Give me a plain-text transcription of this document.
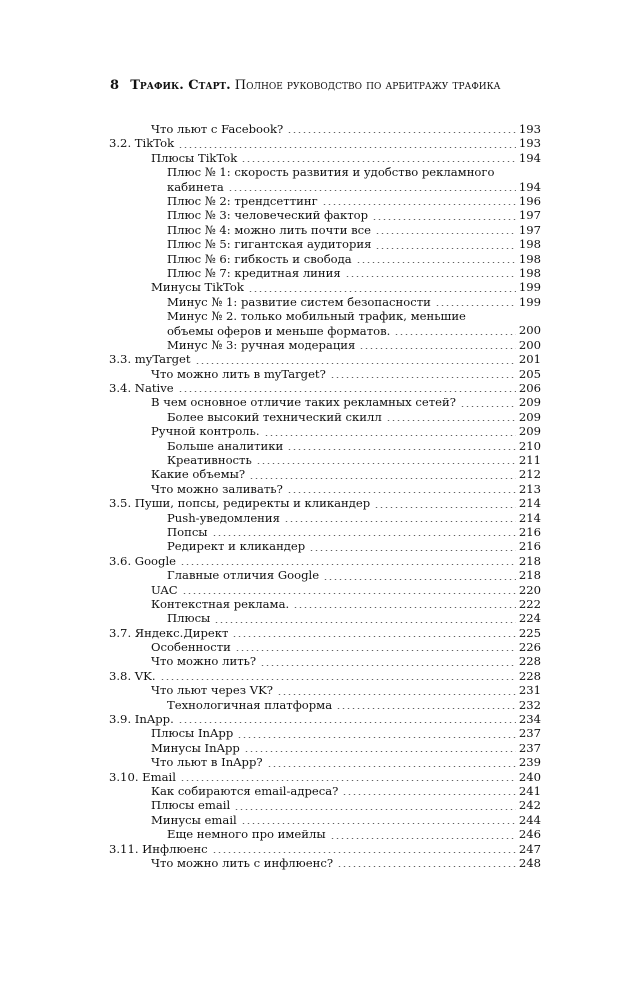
8 Трафик. Старт. Полное руководство по арбитражу трафика
Что льют с Facebook?	193
3.2. TikTok	193
Плюсы TikTok	194
Плюс № 1: скорость развития и удобство рекламного
кабинета	194
Плюс № 2: трендсеттинг	196
Плюс № 3: человеческий фактор	197
Плюс № 4: можно лить почти все	197
Плюс № 5: гигантская аудитория	198
Плюс № 6: гибкость и свобода	198
Плюс № 7: кредитная линия	198
Минусы TikTok	199
Минус № 1: развитие систем безопасности	199
Минус № 2. только мобильный трафик, меньшие
объемы оферов и меньше форматов.	200
Минус № 3: ручная модерация	200
3.3. myTarget	201
Что можно лить в myTarget?	205
3.4. Native	206
В чем основное отличие таких рекламных сетей?	209
Более высокий технический скилл	209
Ручной контроль.	209
Больше аналитики	210
Креативность	211
Какие объемы?	212
Что можно заливать?	213
3.5. Пуши, попсы, редиректы и кликандер	214
Push-уведомления	214
Попсы	216
Редирект и кликандер	216
3.6. Google	218
Главные отличия Google	218
UAC	220
Контекстная реклама.	222
Плюсы	224
3.7. Яндекс.Директ	225
Особенности	226
Что можно лить?	228
3.8. VK.	228
Что льют через VK?	231
Технологичная платформа	232
3.9. InApp.	234
Плюсы InApp	237
Минусы InApp	237
Что льют в InApp?	239
3.10. Email	240
Как собираются email-адреса?	241
Плюсы email	242
Минусы email	244
Еще немного про имейлы	246
3.11. Инфлюенс	247
Что можно лить с инфлюенс?	248
